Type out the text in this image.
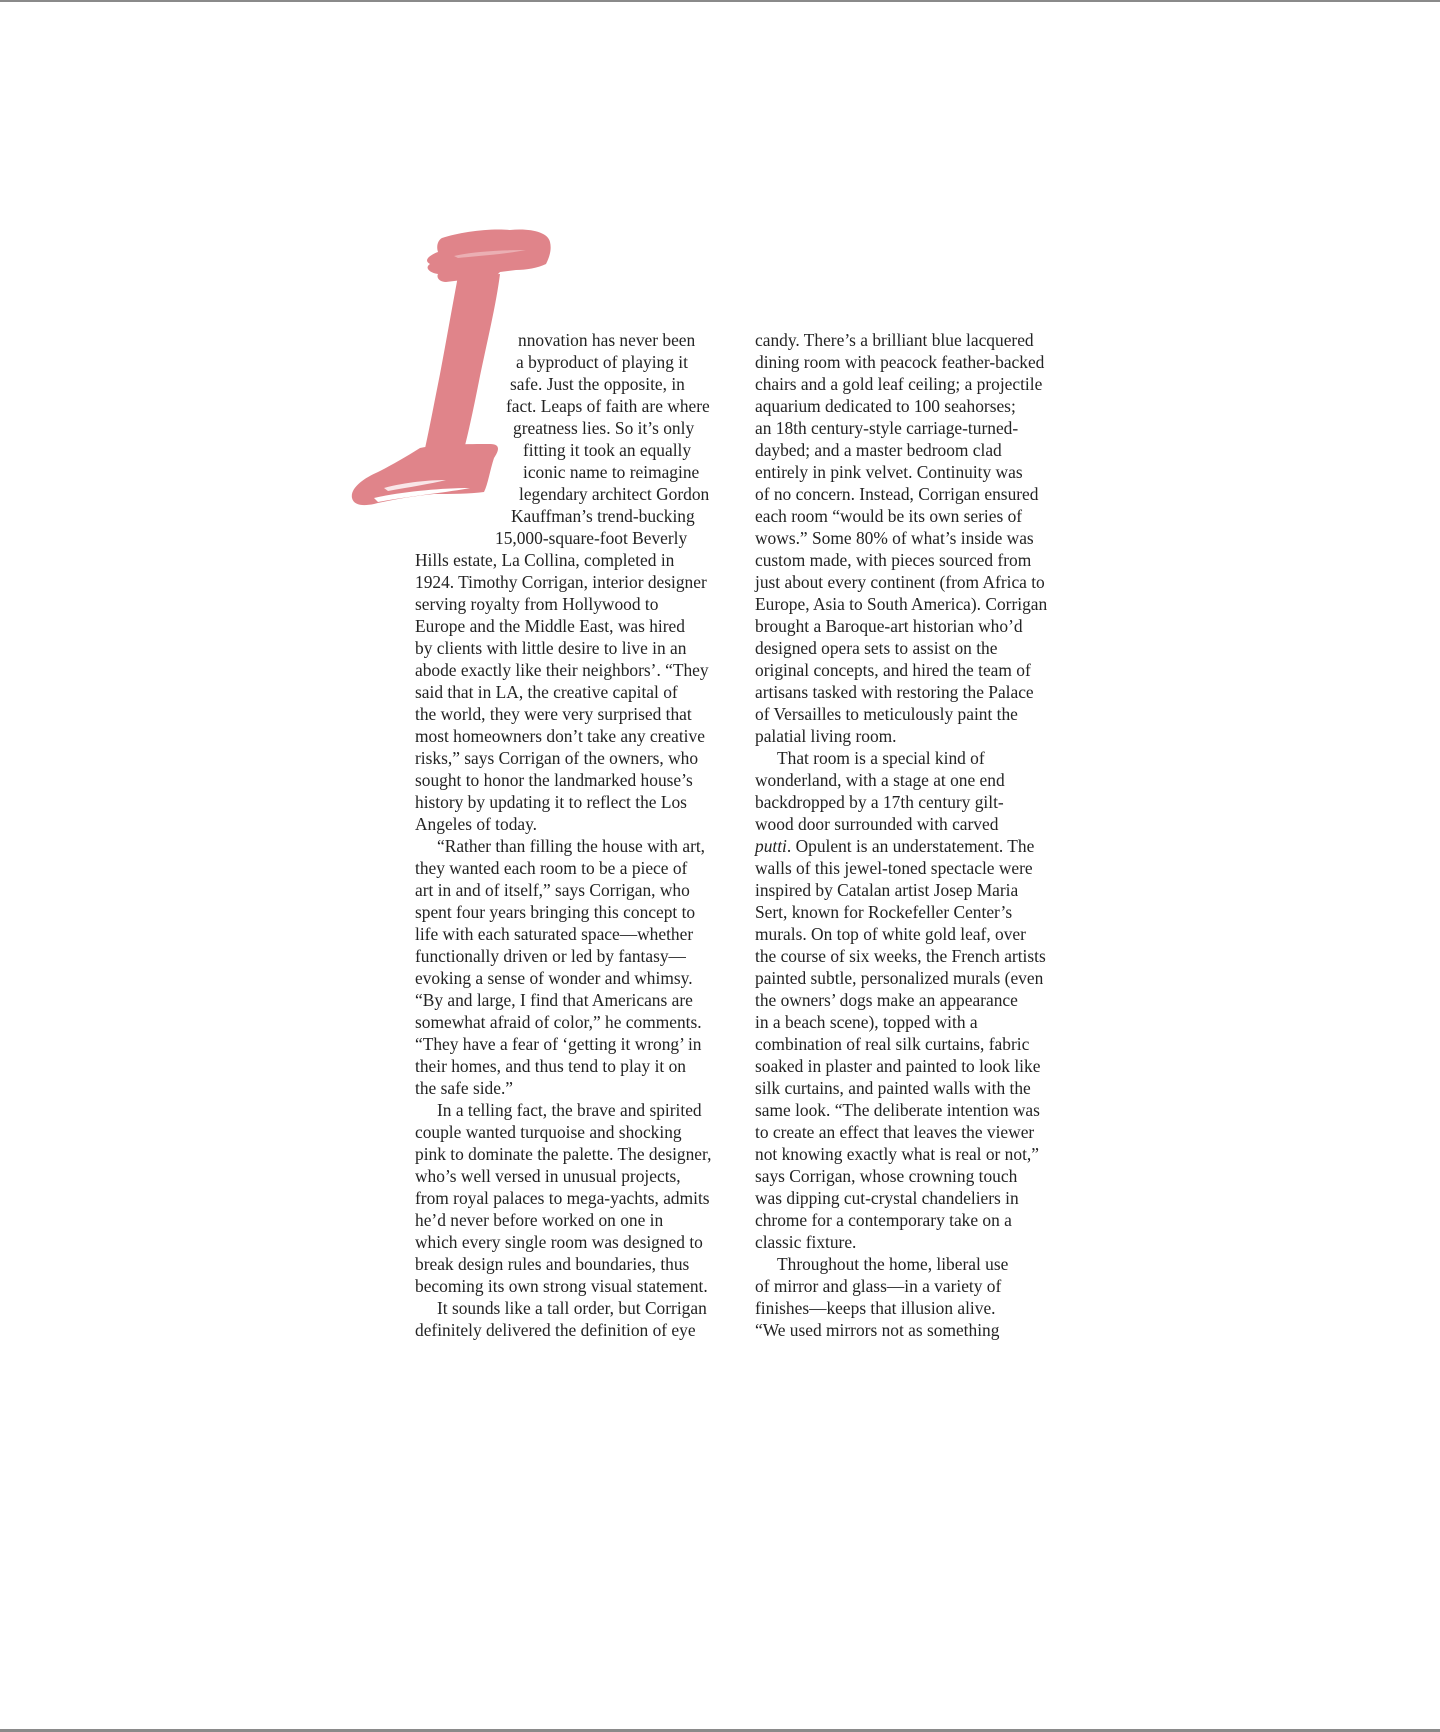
nnovation has never been
a byproduct of playing it
safe. Just the opposite, in
fact. Leaps of faith are where
greatness lies. So it’s only
fitting it took an equally
iconic name to reimagine
legendary architect Gordon
Kauffman’s trend-bucking
15,000-square-foot Beverly
Hills estate, La Collina, completed in
1924. Timothy Corrigan, interior designer
serving royalty from Hollywood to
Europe and the Middle East, was hired
by clients with little desire to live in an
abode exactly like their neighbors’. “They
said that in LA, the creative capital of
the world, they were very surprised that
most homeowners don’t take any creative
risks,” says Corrigan of the owners, who
sought to honor the landmarked house’s
history by updating it to reflect the Los
Angeles of today.
“Rather than filling the house with art,
they wanted each room to be a piece of
art in and of itself,” says Corrigan, who
spent four years bringing this concept to
life with each saturated space—whether
functionally driven or led by fantasy—
evoking a sense of wonder and whimsy.
“By and large, I find that Americans are
somewhat afraid of color,” he comments.
“They have a fear of ‘getting it wrong’ in
their homes, and thus tend to play it on
the safe side.”
In a telling fact, the brave and spirited
couple wanted turquoise and shocking
pink to dominate the palette. The designer,
who’s well versed in unusual projects,
from royal palaces to mega-yachts, admits
he’d never before worked on one in
which every single room was designed to
break design rules and boundaries, thus
becoming its own strong visual statement.
It sounds like a tall order, but Corrigan
definitely delivered the definition of eye
candy. There’s a brilliant blue lacquered
dining room with peacock feather-backed
chairs and a gold leaf ceiling; a projectile
aquarium dedicated to 100 seahorses;
an 18th century-style carriage-turned-
daybed; and a master bedroom clad
entirely in pink velvet. Continuity was
of no concern. Instead, Corrigan ensured
each room “would be its own series of
wows.” Some 80% of what’s inside was
custom made, with pieces sourced from
just about every continent (from Africa to
Europe, Asia to South America). Corrigan
brought a Baroque-art historian who’d
designed opera sets to assist on the
original concepts, and hired the team of
artisans tasked with restoring the Palace
of Versailles to meticulously paint the
palatial living room.
That room is a special kind of
wonderland, with a stage at one end
backdropped by a 17th century gilt-
wood door surrounded with carved
putti. Opulent is an understatement. The
walls of this jewel-toned spectacle were
inspired by Catalan artist Josep Maria
Sert, known for Rockefeller Center’s
murals. On top of white gold leaf, over
the course of six weeks, the French artists
painted subtle, personalized murals (even
the owners’ dogs make an appearance
in a beach scene), topped with a
combination of real silk curtains, fabric
soaked in plaster and painted to look like
silk curtains, and painted walls with the
same look. “The deliberate intention was
to create an effect that leaves the viewer
not knowing exactly what is real or not,”
says Corrigan, whose crowning touch
was dipping cut-crystal chandeliers in
chrome for a contemporary take on a
classic fixture.
Throughout the home, liberal use
of mirror and glass—in a variety of
finishes—keeps that illusion alive.
“We used mirrors not as something
